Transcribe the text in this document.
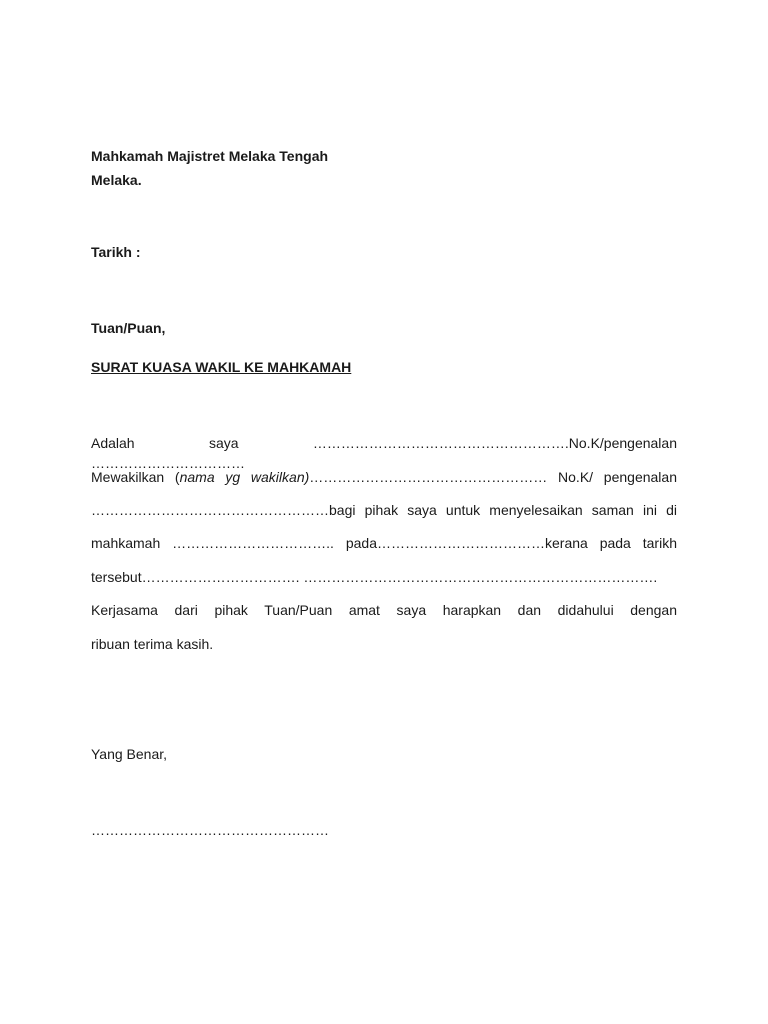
Mahkamah Majistret Melaka Tengah
Melaka.
Tarikh :
Tuan/Puan,
SURAT KUASA WAKIL KE MAHKAMAH
Adalah saya ……………………………………………….No.K/pengenalan ……………………………
Mewakilkan (nama yg wakilkan)…………………………………………… No.K/ pengenalan
……………………………………………bagi pihak saya untuk menyelesaikan saman ini di
mahkamah …………………………….. pada………………………………kerana pada tarikh
tersebut……………………………. ………………………………………………………………….
Kerjasama dari pihak Tuan/Puan amat saya harapkan dan didahului dengan
ribuan terima kasih.
Yang Benar,
……………………………………………
